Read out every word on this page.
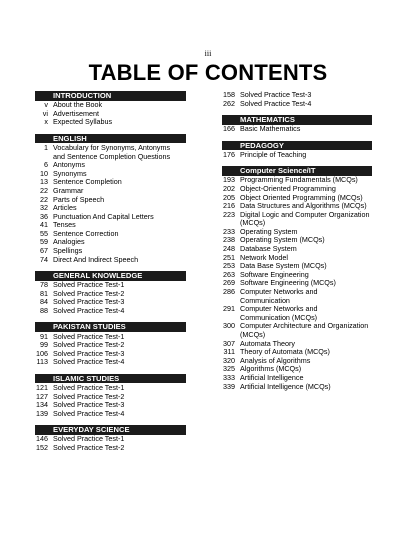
iii
TABLE OF CONTENTS
INTRODUCTION
v About the Book
vi Advertisement
x Expected Syllabus
ENGLISH
1 Vocabulary for Synonyms, Antonyms
and Sentence Completion Questions
6 Antonyms
10 Synonyms
13 Sentence Completion
22 Grammar
22 Parts of Speech
32 Articles
36 Punctuation And Capital Letters
41 Tenses
55 Sentence Correction
59 Analogies
67 Spellings
74 Direct And Indirect Speech
GENERAL KNOWLEDGE
78 Solved Practice Test-1
81 Solved Practice Test-2
84 Solved Practice Test-3
88 Solved Practice Test-4
PAKISTAN STUDIES
91 Solved Practice Test-1
99 Solved Practice Test-2
106 Solved Practice Test-3
113 Solved Practice Test-4
ISLAMIC STUDIES
121 Solved Practice Test-1
127 Solved Practice Test-2
134 Solved Practice Test-3
139 Solved Practice Test-4
EVERYDAY SCIENCE
146 Solved Practice Test-1
152 Solved Practice Test-2
158 Solved Practice Test-3
262 Solved Practice Test-4
MATHEMATICS
166 Basic Mathematics
PEDAGOGY
176 Principle of Teaching
Computer Science/IT
193 Programming Fundamentals (MCQs)
202 Object-Oriented Programming
205 Object Oriented Programming (MCQs)
216 Data Structures and Algorithms (MCQs)
223 Digital Logic and Computer Organization
(MCQs)
233 Operating System
238 Operating System (MCQs)
248 Database System
251 Network Model
253 Data Base System (MCQs)
263 Software Engineering
269 Software Engineering (MCQs)
286 Computer Networks and
Communication
291 Computer Networks and
Communication (MCQs)
300 Computer Architecture and Organization
(MCQs)
307 Automata Theory
311 Theory of Automata (MCQs)
320 Analysis of Algorithms
325 Algorithms (MCQs)
333 Artificial Intelligence
339 Artificial Intelligence (MCQs)
